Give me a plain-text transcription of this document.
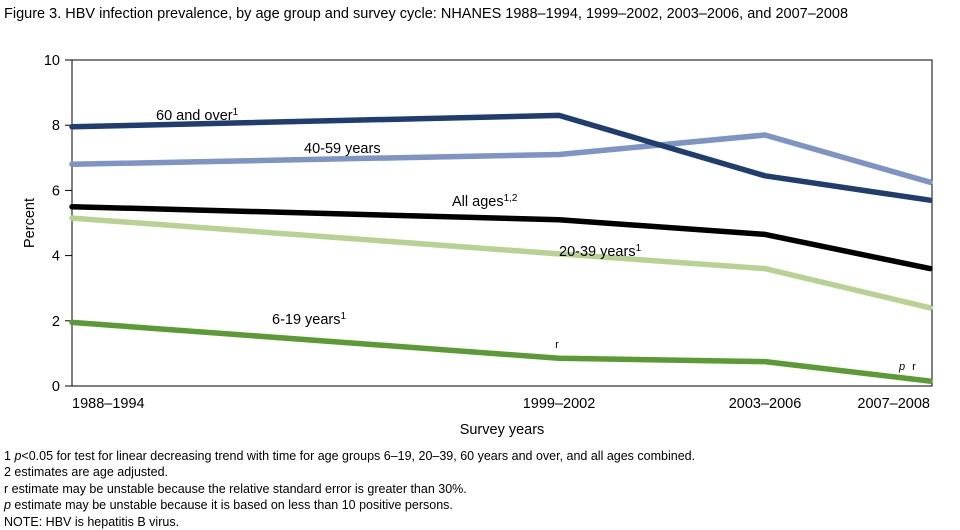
Figure 3. HBV infection prevalence, by age group and survey cycle: NHANES 1988–1994, 1999–2002, 2003–2006, and 2007–2008
0
2
4
6
8
10
Percent
1988–1994	1999–2002	2003–2006	2007–2008
Survey years
60 and over$^1$
40-59 years
All ages$^{1,2}$
20-39 years$^1$
6-19 years$^1$
r
p r
1 p<0.05 for test for linear decreasing trend with time for age groups 6–19, 20–39, 60 years and over, and all ages combined.
2 estimates are age adjusted.
r estimate may be unstable because the relative standard error is greater than 30%.
p estimate may be unstable because it is based on less than 10 positive persons.
NOTE: HBV is hepatitis B virus.
